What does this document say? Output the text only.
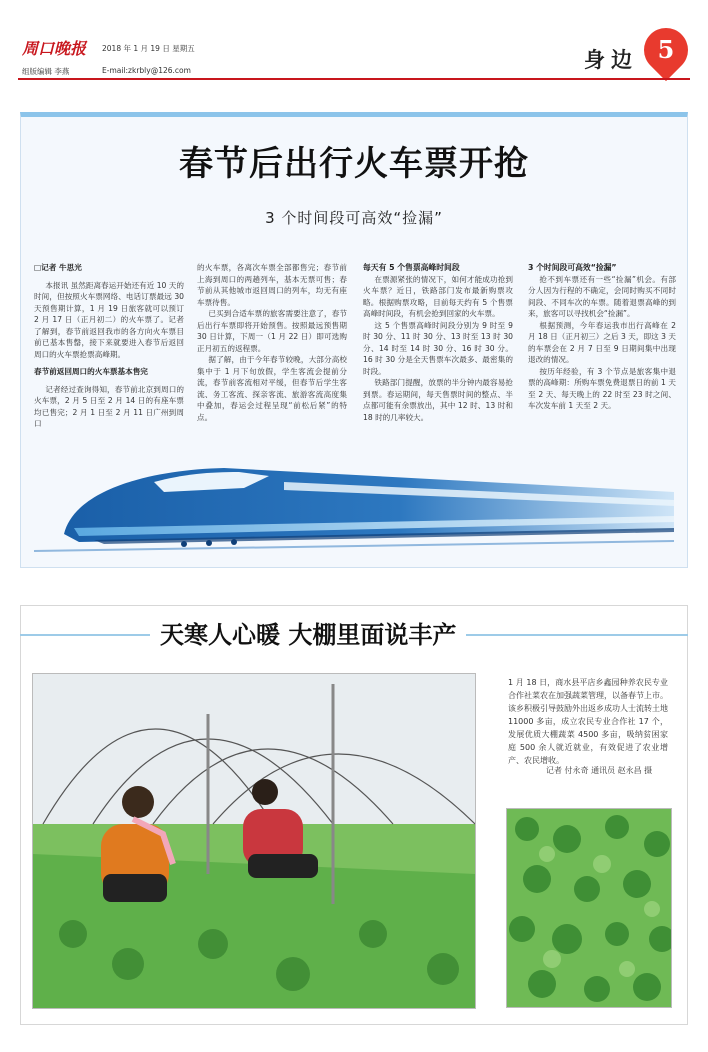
周口晚报	2018 年 1 月 19 日 星期五
组版编辑 李燕	E-mail:zkrbly@126.com	身边 5
春节后出行火车票开抢
3 个时间段可高效“捡漏”

□记者 牛思光

本报讯 虽然距离春运开始还有近 10 天的时间，但按照火车票网络、电话订票最远 30 天预售期计算，1 月 19 日旅客就可以预订 2 月 17 日（正月初二）的火车票了。记者了解到，春节前返回我市的各方向火车票目前已基本售罄，接下来就要进入春节后返回周口的火车票抢票高峰期。

春节前返回周口的火车票基本售完

记者经过查询得知，春节前北京到周口的火车票，2 月 5 日至 2 月 14 日的有座车票均已售完；2 月 1 日至 2 月 11 日广州到周口

的火车票，各离次车票全部都售完；春节前上海到周口的两趟列车，基本无票可售；春节前从其他城市返回周口的列车，均无有座车票待售。

已买到合适车票的旅客需要注意了，春节后出行车票即将开始预售。按照最远预售期 30 日计算，下周一（1 月 22 日）即可选购正月初五的返程票。

据了解，由于今年春节较晚，大部分高校集中于 1 月下旬放假，学生客流会提前分流，春节前客流相对平缓，但春节后学生客流、务工客流、探亲客流、旅游客流高度集中叠加，春运会过程呈现“前松后紧”的特点。

每天有 5 个售票高峰时间段

在票源紧张的情况下，如何才能成功抢到火车票？近日，铁路部门发布最新购票攻略。根据购票攻略，目前每天约有 5 个售票高峰时间段，有机会抢到回家的火车票。

这 5 个售票高峰时间段分别为 9 时至 9 时 30 分、11 时 30 分、13 时至 13 时 30 分、14 时至 14 时 30 分、16 时 30 分。16 时 30 分是全天售票车次最多、最密集的时段。

铁路部门提醒，放票的半分钟内最容易抢到票。春运期间，每天售票时间的整点、半点都可能有余票放出，其中 12 时、13 时和 18 时的几率较大。

3 个时间段可高效“捡漏”

抢不到车票还有一些“捡漏”机会。有部分人因为行程的不确定，会同时购买不同时间段、不同车次的车票。随着退票高峰的到来，旅客可以寻找机会“捡漏”。

根据预测，今年春运我市出行高峰在 2 月 18 日（正月初三）之后 3 天，即这 3 天的车票会在 2 月 7 日至 9 日期间集中出现退改的情况。

按历年经验，有 3 个节点是旅客集中退票的高峰期：所购车票免费退票日的前 1 天至 2 天、每天晚上的 22 时至 23 时之间、车次发车前 1 天至 2 天。

天寒人心暖 大棚里面说丰产
1 月 18 日，商水县平店乡鑫园种养农民专业合作社菜农在加强蔬菜管理，以备春节上市。该乡积极引导鼓励外出返乡成功人士流转土地 11000 多亩，成立农民专业合作社 17 个，发展优质大棚蔬菜 4500 多亩，吸纳贫困家庭 500 余人就近就业，有效促进了农业增产、农民增收。
记者 付永奇 通讯员 赵永昌 摄
